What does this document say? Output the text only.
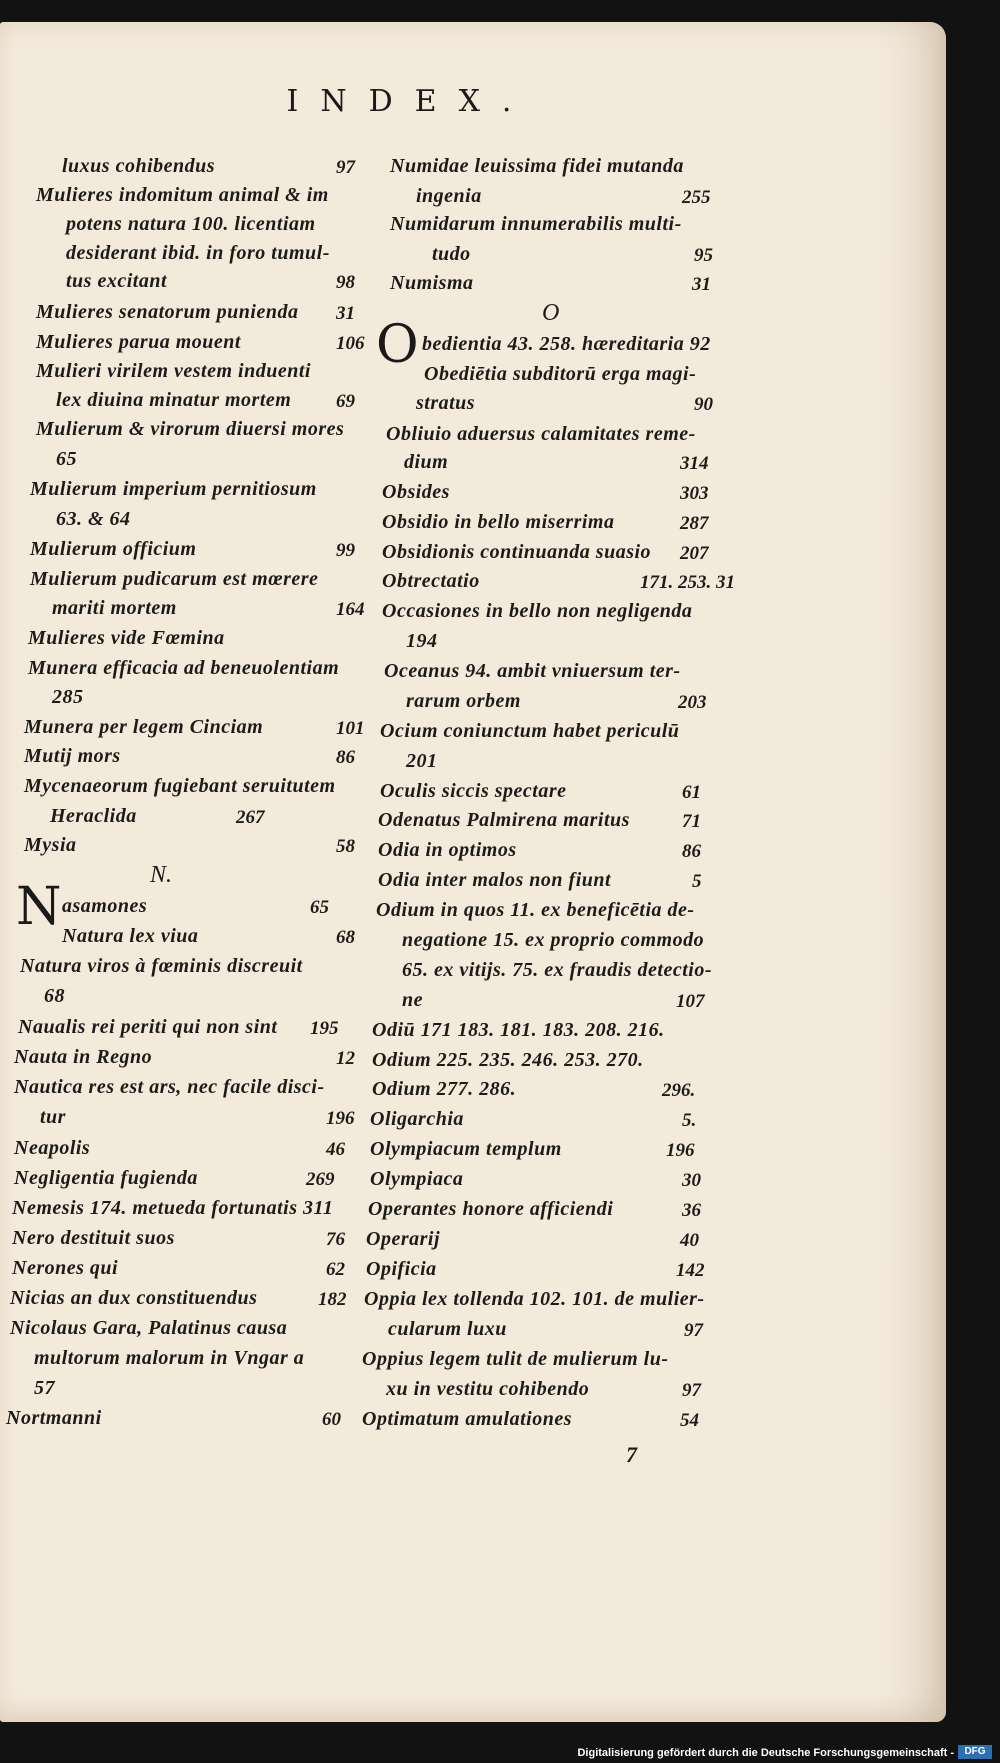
INDEX.
luxus cohibendus	97
Mulieres indomitum animal & im
potens natura 100. licentiam
desiderant ibid. in foro tumul-
tus excitant	98
Mulieres senatorum punienda 31
Mulieres parua mouent	106
Mulieri virilem vestem induenti
lex diuina minatur mortem 69
Mulierum & virorum diuersi mores
65
Mulierum imperium pernitiosum
63. & 64
Mulierum officium	99
Mulierum pudicarum est mœrere
mariti mortem	164
Mulieres vide Fœmina
Munera efficacia ad beneuolentiam
285
Munera per legem Cinciam	101
Mutij mors	86
Mycenaeorum fugiebant seruitutem
Heraclida	267
Mysia	58
N.
N asamones	65
Natura lex viua	68
Natura viros à fœminis discreuit
68
Naualis rei periti qui non sint 195
Nauta in Regno	12
Nautica res est ars, nec facile disci-
tur	196
Neapolis	46
Negligentia fugienda	269
Nemesis 174. metueda fortunatis 311
Nero destituit suos	76
Nerones qui	62
Nicias an dux constituendus	182
Nicolaus Gara, Palatinus causa
multorum malorum in Vngar a
57
Nortmanni	60
Numidae leuissima fidei mutanda
ingenia	255
Numidarum innumerabilis multi-
tudo	95
Numisma	31
O
O bedientia 43. 258. hæreditaria 92
Obediētia subditorū erga magi-
stratus	90
Obliuio aduersus calamitates reme-
dium	314
Obsides	303
Obsidio in bello miserrima	287
Obsidionis continuanda suasio 207
Obtrectatio	171. 253. 31
Occasiones in bello non negligenda
194
Oceanus 94. ambit vniuersum ter-
rarum orbem	203
Ocium coniunctum habet periculū
201
Oculis siccis spectare	61
Odenatus Palmirena maritus	71
Odia in optimos	86
Odia inter malos non fiunt	5
Odium in quos 11. ex beneficētia de-
negatione 15. ex proprio commodo
65. ex vitijs. 75. ex fraudis detectio-
ne	107
Odiū 171 183. 181. 183. 208. 216.
Odium 225. 235. 246. 253. 270.
Odium 277. 286.	296.
Oligarchia	5.
Olympiacum templum	196
Olympiaca	30
Operantes honore afficiendi	36
Operarij	40
Opificia	142
Oppia lex tollenda 102. 101. de mulier-
cularum luxu	97
Oppius legem tulit de mulierum lu-
xu in vestitu cohibendo	97
Optimatum amulationes	54
7
Digitalisierung gefördert durch die Deutsche Forschungsgemeinschaft -	DFG
